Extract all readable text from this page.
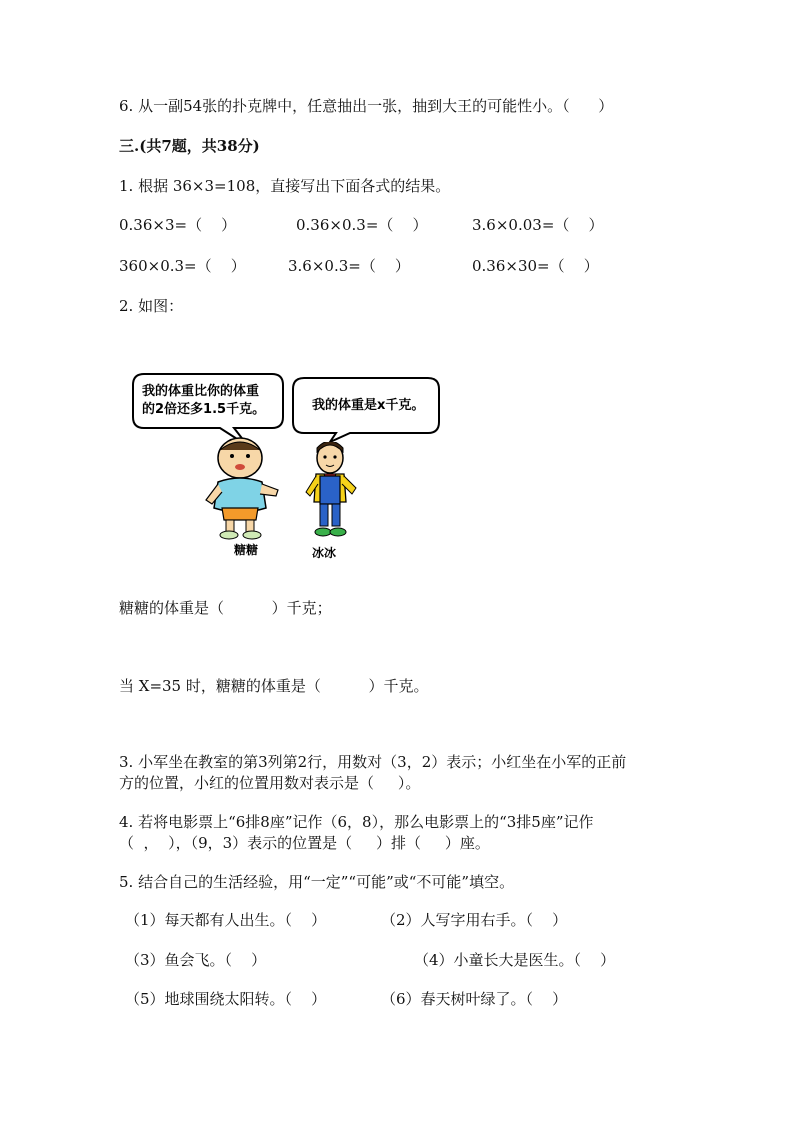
6. 从一副54张的扑克牌中，任意抽出一张，抽到大王的可能性小。（      ）
三.(共7题，共38分)
1. 根据 36×3=108，直接写出下面各式的结果。
0.36×3=（    ）	0.36×0.3=（    ）	3.6×0.03=（    ）
360×0.3=（    ）	3.6×0.3=（    ）	0.36×30=（    ）
2. 如图：
我的体重比你的体重
的2倍还多1.5千克。	我的体重是x千克。
糖糖	冰冰
糖糖的体重是（          ）千克；
当 X=35 时，糖糖的体重是（          ）千克。
3. 小军坐在教室的第3列第2行，用数对（3，2）表示；小红坐在小军的正前
方的位置，小红的位置用数对表示是（     ）。
4. 若将电影票上“6排8座”记作（6，8），那么电影票上的“3排5座”记作
（  ，  ），（9，3）表示的位置是（     ）排（     ）座。
5. 结合自己的生活经验，用“一定”“可能”或“不可能”填空。
（1）每天都有人出生。（    ）	（2）人写字用右手。（    ）
（3）鱼会飞。（    ）	（4）小童长大是医生。（    ）
（5）地球围绕太阳转。（    ）	（6）春天树叶绿了。（    ）
